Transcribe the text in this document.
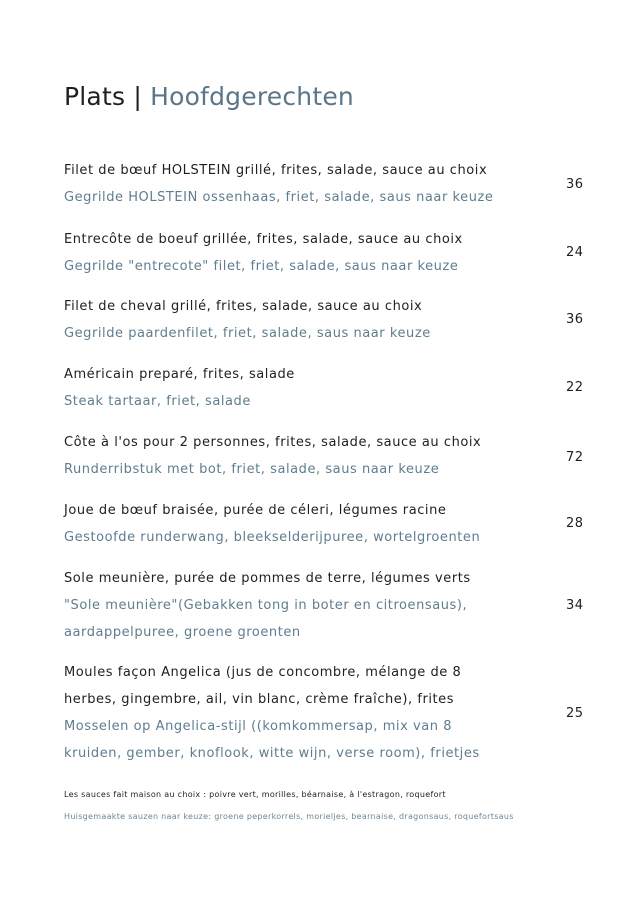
Plats | Hoofdgerechten
Filet de bœuf HOLSTEIN grillé, frites, salade, sauce au choix
Gegrilde HOLSTEIN ossenhaas, friet, salade, saus naar keuze
36
Entrecôte de boeuf grillée, frites, salade, sauce au choix
Gegrilde "entrecote" filet, friet, salade, saus naar keuze
24
Filet de cheval grillé, frites, salade, sauce au choix
Gegrilde paardenfilet, friet, salade, saus naar keuze
36
Américain preparé, frites, salade
Steak tartaar, friet, salade
22
Côte à l'os pour 2 personnes, frites, salade, sauce au choix
Runderribstuk met bot, friet, salade, saus naar keuze
72
Joue de bœuf braisée, purée de céleri, légumes racine
Gestoofde runderwang, bleekselderijpuree, wortelgroenten
28
Sole meunière, purée de pommes de terre, légumes verts
"Sole meunière"(Gebakken tong in boter en citroensaus),
aardappelpuree, groene groenten
34
Moules façon Angelica (jus de concombre, mélange de 8
herbes, gingembre, ail, vin blanc, crème fraîche), frites
Mosselen op Angelica-stijl ((komkommersap, mix van 8
kruiden, gember, knoflook, witte wijn, verse room), frietjes
25
Les sauces fait maison au choix : poivre vert, morilles, béarnaise, à l'estragon, roquefort
Huisgemaakte sauzen naar keuze: groene peperkorrels, morieljes, bearnaise, dragonsaus, roquefortsaus
